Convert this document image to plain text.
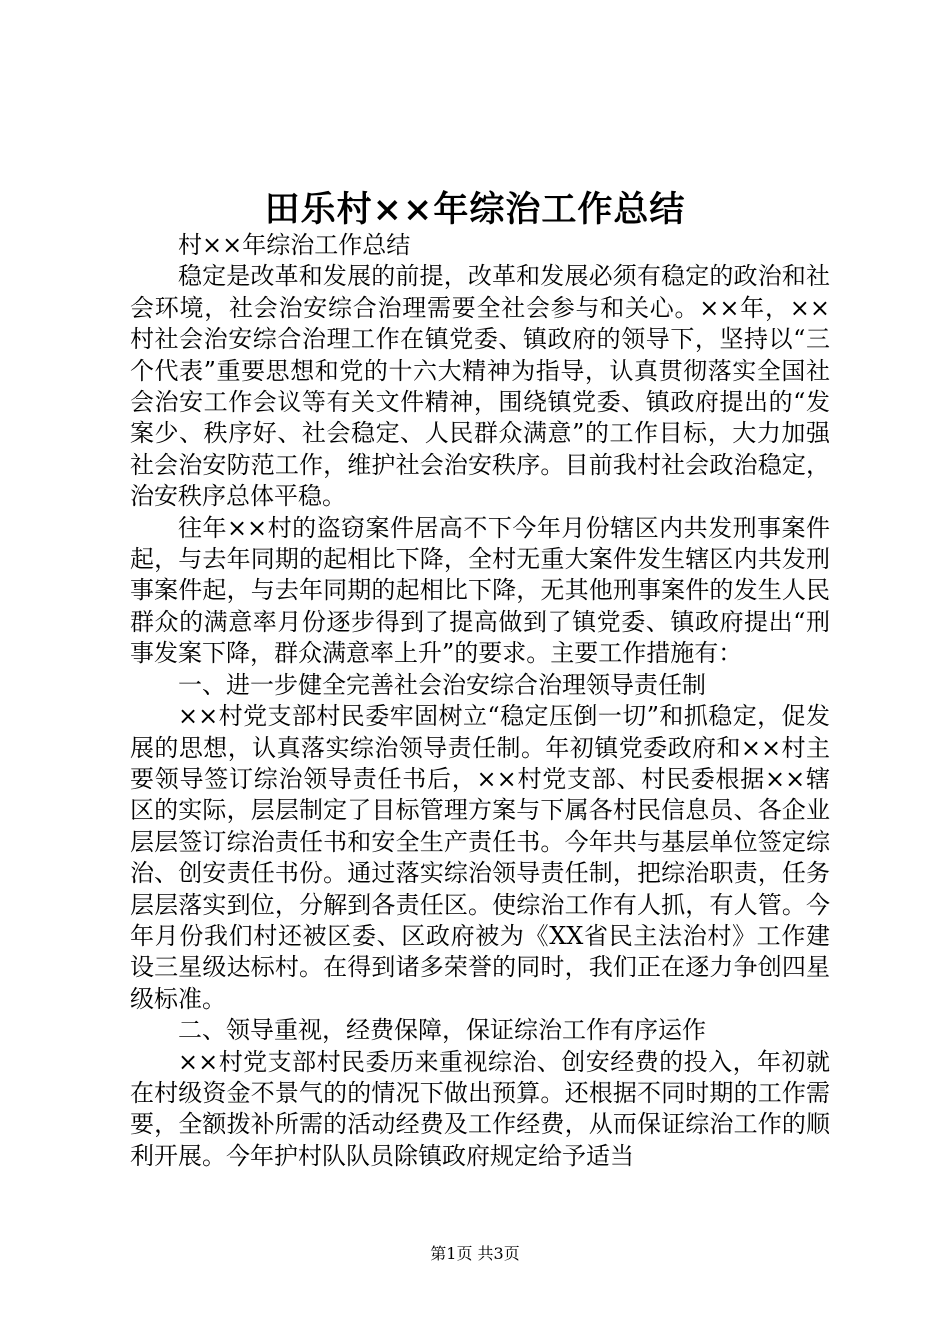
田乐村××年综治工作总结

村××年综治工作总结

稳定是改革和发展的前提，改革和发展必须有稳定的政治和社会环境，社会治安综合治理需要全社会参与和关心。××年，××村社会治安综合治理工作在镇党委、镇政府的领导下，坚持以“三个代表”重要思想和党的十六大精神为指导，认真贯彻落实全国社会治安工作会议等有关文件精神，围绕镇党委、镇政府提出的“发案少、秩序好、社会稳定、人民群众满意”的工作目标，大力加强社会治安防范工作，维护社会治安秩序。目前我村社会政治稳定，治安秩序总体平稳。

往年××村的盗窃案件居高不下今年月份辖区内共发刑事案件起，与去年同期的起相比下降，全村无重大案件发生辖区内共发刑事案件起，与去年同期的起相比下降，无其他刑事案件的发生人民群众的满意率月份逐步得到了提高做到了镇党委、镇政府提出“刑事发案下降，群众满意率上升”的要求。主要工作措施有：

一、进一步健全完善社会治安综合治理领导责任制

××村党支部村民委牢固树立“稳定压倒一切”和抓稳定，促发展的思想，认真落实综治领导责任制。年初镇党委政府和××村主要领导签订综治领导责任书后，××村党支部、村民委根据××辖区的实际，层层制定了目标管理方案与下属各村民信息员、各企业层层签订综治责任书和安全生产责任书。今年共与基层单位签定综治、创安责任书份。通过落实综治领导责任制，把综治职责，任务层层落实到位，分解到各责任区。使综治工作有人抓，有人管。今年月份我们村还被区委、区政府被为《XX省民主法治村》工作建设三星级达标村。在得到诸多荣誉的同时，我们正在逐力争创四星级标准。

二、领导重视，经费保障，保证综治工作有序运作

××村党支部村民委历来重视综治、创安经费的投入，年初就在村级资金不景气的的情况下做出预算。还根据不同时期的工作需要，全额拨补所需的活动经费及工作经费，从而保证综治工作的顺利开展。今年护村队队员除镇政府规定给予适当

第1页 共3页
